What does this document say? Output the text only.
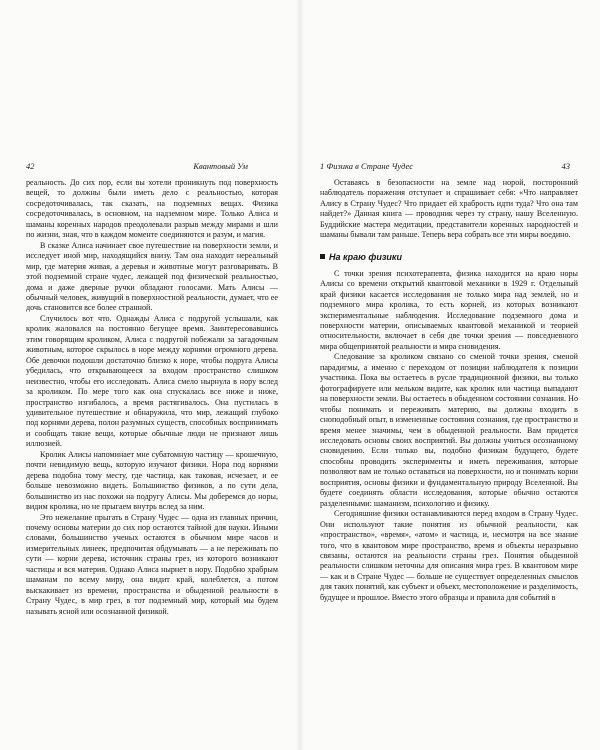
42	Квантовый Ум

реальность. До сих пор, если вы хотели проникнуть под поверхность вещей, то должны были иметь дело с реальностью, которая сосредоточивалась, так сказать, на подземных вещах. Физика сосредоточивалась, в основном, на надземном мире. Только Алиса и шаманы коренных народов преодолевали разрыв между мирами и шли по жизни, зная, что в каждом моменте соединяются и разум, и магия.

В сказке Алиса начинает свое путешествие на поверхности земли, и исследует иной мир, находящийся внизу. Там она находит нереальный мир, где материя живая, а деревья и животные могут разговаривать. В этой подземной стране чудес, лежащей под физической реальностью, дома и даже дверные ручки обладают голосами. Мать Алисы — обычный человек, живущий в поверхностной реальности, думает, что ее дочь становится все более странной.

Случилось вот что. Однажды Алиса с подругой услышали, как кролик жаловался на постоянно бегущее время. Заинтересовавшись этим говорящим кроликом, Алиса с подругой побежали за загадочным животным, которое скрылось в норе между корнями огромного дерева. Обе девочки подошли достаточно близко к норе, чтобы подруга Алисы убедилась, что открывающееся за входом пространство слишком неизвестно, чтобы его исследовать. Алиса смело нырнула в нору вслед за кроликом. По мере того как она спускалась все ниже и ниже, пространство изгибалось, а время растягивалось. Она пустилась в удивительное путешествие и обнаружила, что мир, лежащий глубоко под корнями дерева, полон разумных существ, способных воспринимать и сообщать такие вещи, которые обычные люди не признают лишь иллюзией.

Кролик Алисы напоминает мне субатомную частицу — крошечную, почти невидимую вещь, которую изучают физики. Нора под корнями дерева подобна тому месту, где частица, как таковая, исчезает, и ее больше невозможно видеть. Большинство физиков, а по сути дела, большинство из нас похожи на подругу Алисы. Мы доберемся до норы, видим кролика, но не прыгаем внутрь вслед за ним.

Это нежелание прыгать в Страну Чудес — одна из главных причин, почему основы материи до сих пор остаются тайной для науки. Иными словами, большинство ученых остаются в обычном мире часов и измерительных линеек, предпочитая обдумывать — а не переживать по сути — корни дерева, источник страны грез, из которого возникают частицы и вся материя. Однако Алиса нырнет в нору. Подобно храбрым шаманам по всему миру, она видит край, колеблется, а потом выскакивает из времени, пространства и обыденной реальности в Страну Чудес, в мир грез, в тот подземный мир, который мы будем называть ясной или осознанной физикой.

1 Физика в Стране Чудес	43

Оставаясь в безопасности на земле над норой, посторонний наблюдатель поражения отступает и спрашивает себя: «Что направляет Алису в Страну Чудес? Что придает ей храбрость идти туда? Что она там найдет?» Данная книга — проводник через ту страну, нашу Вселенную. Буддийские мастера медитации, представители коренных народностей и шаманы бывали там раньше. Теперь вера собрать все эти миры воедино.

На краю физики

С точки зрения психотерапевта, физика находится на краю норы Алисы со времени открытий квантовой механики в 1929 г. Отдельный край физики касается исследования не только мира над землей, но и подземного мира кролика, то есть корней, из которых возникают экспериментальные наблюдения. Исследование подземного дома и поверхности материи, описываемых квантовой механикой и теорией относительности, включает в себя две точки зрения — повседневного мира общепринятой реальности и мира сновидения.

Следование за кроликом связано со сменой точки зрения, сменой парадигмы, а именно с переходом от позиции наблюдателя к позиции участника. Пока вы остаетесь в русле традиционной физики, вы только фотографируете или мельком видите, как кролик или частица выпадают на поверхности земли. Вы остаетесь в обыденном состоянии сознания. Но чтобы понимать и переживать материю, вы должны входить в сноподобный опыт, в измененные состояния сознания, где пространство и время менее значимы, чем в обыденной реальности. Вам придется исследовать основы своих восприятий. Вы должны учиться осознанному сновидению. Если только вы, подобно физикам будущего, будете способны проводить эксперименты и иметь переживания, которые позволяют вам не только оставаться на поверхности, но и понимать корни восприятия, основы физики и фундаментальную природу Вселенной. Вы будете соединять области исследования, которые обычно остаются разделенными: шаманизм, психологию и физику.

Сегодняшние физики останавливаются перед входом в Страну Чудес. Они используют такие понятия из обычной реальности, как «пространство», «время», «атом» и частица, и, несмотря на все знание того, что в квантовом мире пространство, время и объекты неразрывно связаны, остаются на реальности страны грез. Понятия обыденной реальности слишком неточны для описания мира грез. В квантовом мире — как и в Стране Чудес — больше не существует определенных смыслов для таких понятий, как субъект и объект, местоположение и разделимость, будущее и прошлое. Вместо этого образцы и правила для событий в
